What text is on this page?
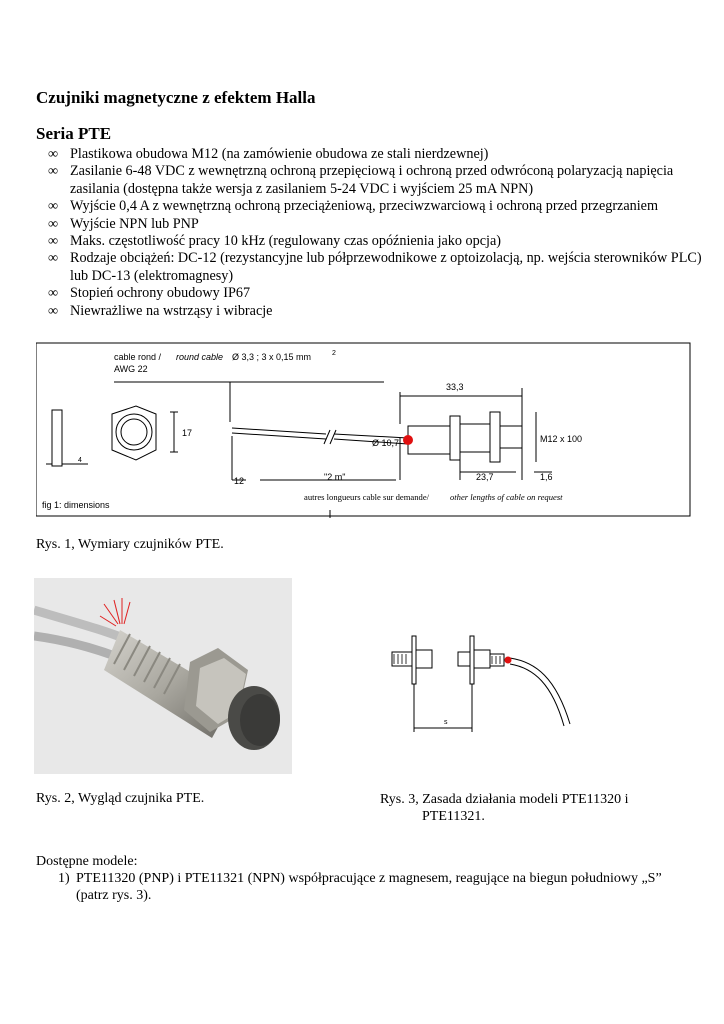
Czujniki magnetyczne z efektem Halla
Seria PTE
∞ Plastikowa obudowa M12 (na zamówienie obudowa ze stali nierdzewnej)
∞ Zasilanie 6-48 VDC z wewnętrzną ochroną przepięciową i ochroną przed odwróconą polaryzacją napięcia zasilania (dostępna także wersja z zasilaniem 5-24 VDC i wyjściem 25 mA NPN)
∞ Wyjście 0,4 A z wewnętrzną ochroną przeciążeniową, przeciwzwarciową i ochroną przed przegrzaniem
∞ Wyjście NPN lub PNP
∞ Maks. częstotliwość pracy 10 kHz (regulowany czas opóźnienia jako opcja)
∞ Rodzaje obciążeń: DC-12 (rezystancyjne lub półprzewodnikowe z optoizolacją, np. wejścia sterowników PLC) lub DC-13 (elektromagnesy)
∞ Stopień ochrony obudowy IP67
∞ Niewrażliwe na wstrząsy i wibracje
cable rond / round cable Ø 3,3 ; 3 x 0,15 mm	2
AWG 22
33,3
M12 x 100
Ø 10,7
17
4
12	"2 m"	23,7	1,6
fig 1: dimensions
autres longueurs cable sur demande/ other lengths of cable on request
Rys. 1, Wymiary czujników PTE.
Rys. 2, Wygląd czujnika PTE.
s
Rys. 3, Zasada działania modeli PTE11320 i
PTE11321.
Dostępne modele:
1) PTE11320 (PNP) i PTE11321 (NPN) współpracujące z magnesem, reagujące na biegun południowy „S” (patrz rys. 3).
